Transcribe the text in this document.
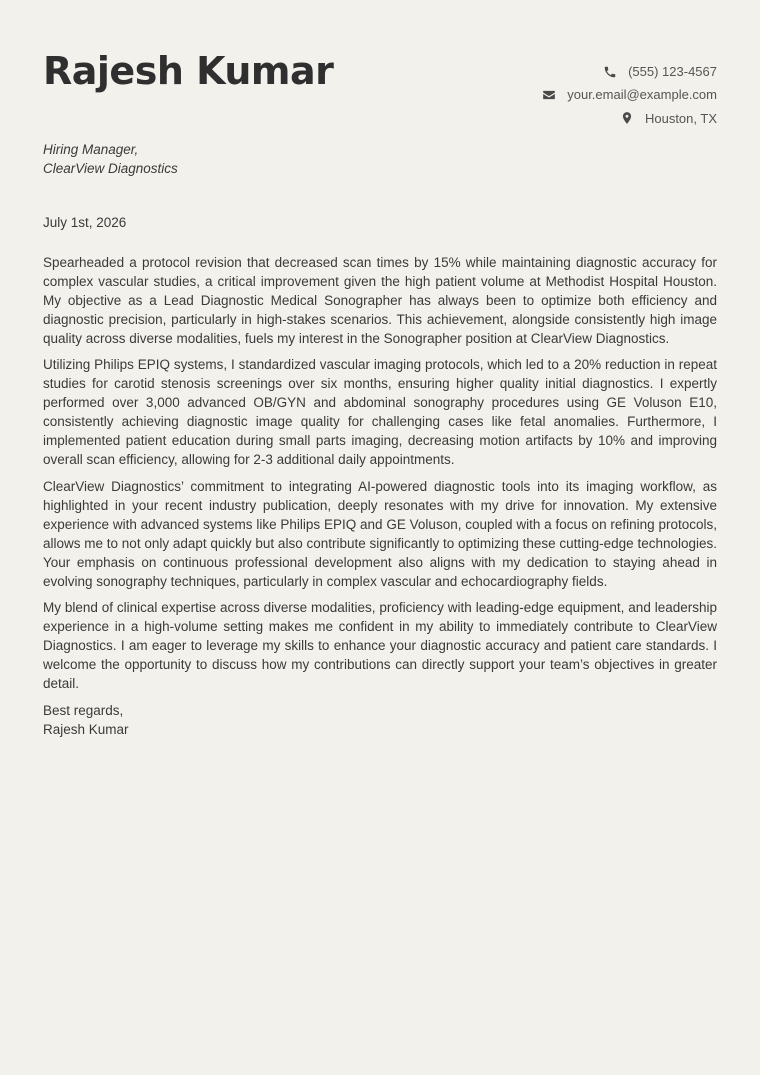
Rajesh Kumar	(555) 123-4567
your.email@example.com
Houston, TX
Hiring Manager,
ClearView Diagnostics
July 1st, 2026

Spearheaded a protocol revision that decreased scan times by 15% while maintaining diagnostic accuracy for complex vascular studies, a critical improvement given the high patient volume at Methodist Hospital Houston. My objective as a Lead Diagnostic Medical Sonographer has always been to optimize both efficiency and diagnostic precision, particularly in high-stakes scenarios. This achievement, alongside consistently high image quality across diverse modalities, fuels my interest in the Sonographer position at ClearView Diagnostics.

Utilizing Philips EPIQ systems, I standardized vascular imaging protocols, which led to a 20% reduction in repeat studies for carotid stenosis screenings over six months, ensuring higher quality initial diagnostics. I expertly performed over 3,000 advanced OB/GYN and abdominal sonography procedures using GE Voluson E10, consistently achieving diagnostic image quality for challenging cases like fetal anomalies. Furthermore, I implemented patient education during small parts imaging, decreasing motion artifacts by 10% and improving overall scan efficiency, allowing for 2-3 additional daily appointments.

ClearView Diagnostics’ commitment to integrating AI-powered diagnostic tools into its imaging workflow, as highlighted in your recent industry publication, deeply resonates with my drive for innovation. My extensive experience with advanced systems like Philips EPIQ and GE Voluson, coupled with a focus on refining protocols, allows me to not only adapt quickly but also contribute significantly to optimizing these cutting-edge technologies. Your emphasis on continuous professional development also aligns with my dedication to staying ahead in evolving sonography techniques, particularly in complex vascular and echocardiography fields.

My blend of clinical expertise across diverse modalities, proficiency with leading-edge equipment, and leadership experience in a high-volume setting makes me confident in my ability to immediately contribute to ClearView Diagnostics. I am eager to leverage my skills to enhance your diagnostic accuracy and patient care standards. I welcome the opportunity to discuss how my contributions can directly support your team’s objectives in greater detail.

Best regards,
Rajesh Kumar
